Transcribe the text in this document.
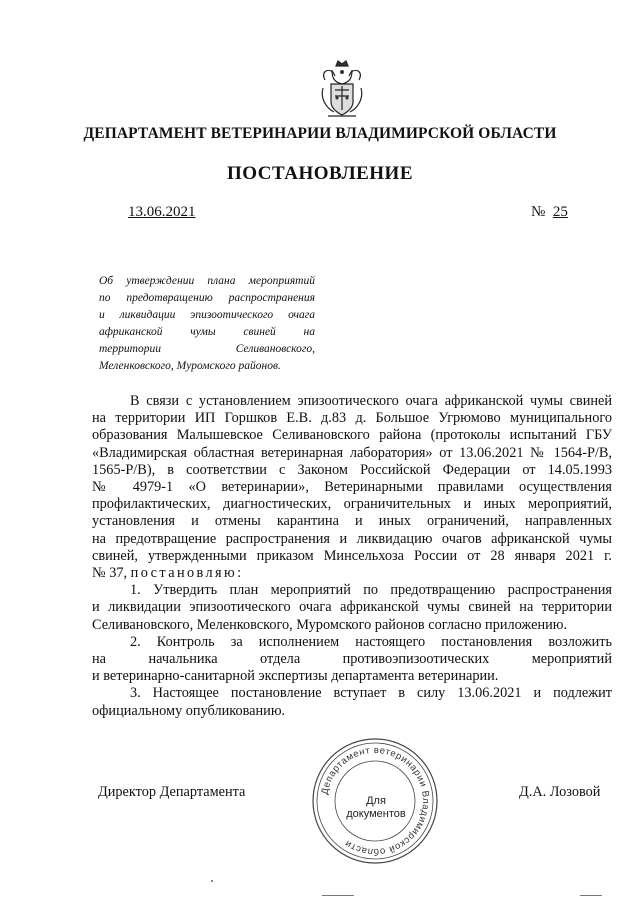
ДЕПАРТАМЕНТ ВЕТЕРИНАРИИ ВЛАДИМИРСКОЙ ОБЛАСТИ
ПОСТАНОВЛЕНИЕ
13.06.2021	№ 25
Об утверждении плана мероприятий
по предотвращению распространения
и ликвидации эпизоотического очага
африканской чумы свиней на
территории Селивановского,
Меленковского, Муромского районов.
В связи с установлением эпизоотического очага африканской чумы свиней
на территории ИП Горшков Е.В. д.83 д. Большое Угрюмово муниципального
образования Малышевское Селивановского района (протоколы испытаний ГБУ
«Владимирская областная ветеринарная лаборатория» от 13.06.2021 № 1564-Р/В,
1565-Р/В), в соответствии с Законом Российской Федерации от 14.05.1993
№ 4979-1 «О ветеринарии», Ветеринарными правилами осуществления
профилактических, диагностических, ограничительных и иных мероприятий,
установления и отмены карантина и иных ограничений, направленных
на предотвращение распространения и ликвидацию очагов африканской чумы
свиней, утвержденными приказом Минсельхоза России от 28 января 2021 г.
№ 37, постановляю:
1. Утвердить план мероприятий по предотвращению распространения
и ликвидации эпизоотического очага африканской чумы свиней на территории
Селивановского, Меленковского, Муромского районов согласно приложению.
2. Контроль за исполнением настоящего постановления возложить
на начальника отдела противоэпизоотических мероприятий
и ветеринарно-санитарной экспертизы департамента ветеринарии.
3. Настоящее постановление вступает в силу 13.06.2021 и подлежит
официальному опубликованию.
Директор Департамента	Д.А. Лозовой
Департамент ветеринарии Владимирской области
Для
документов
